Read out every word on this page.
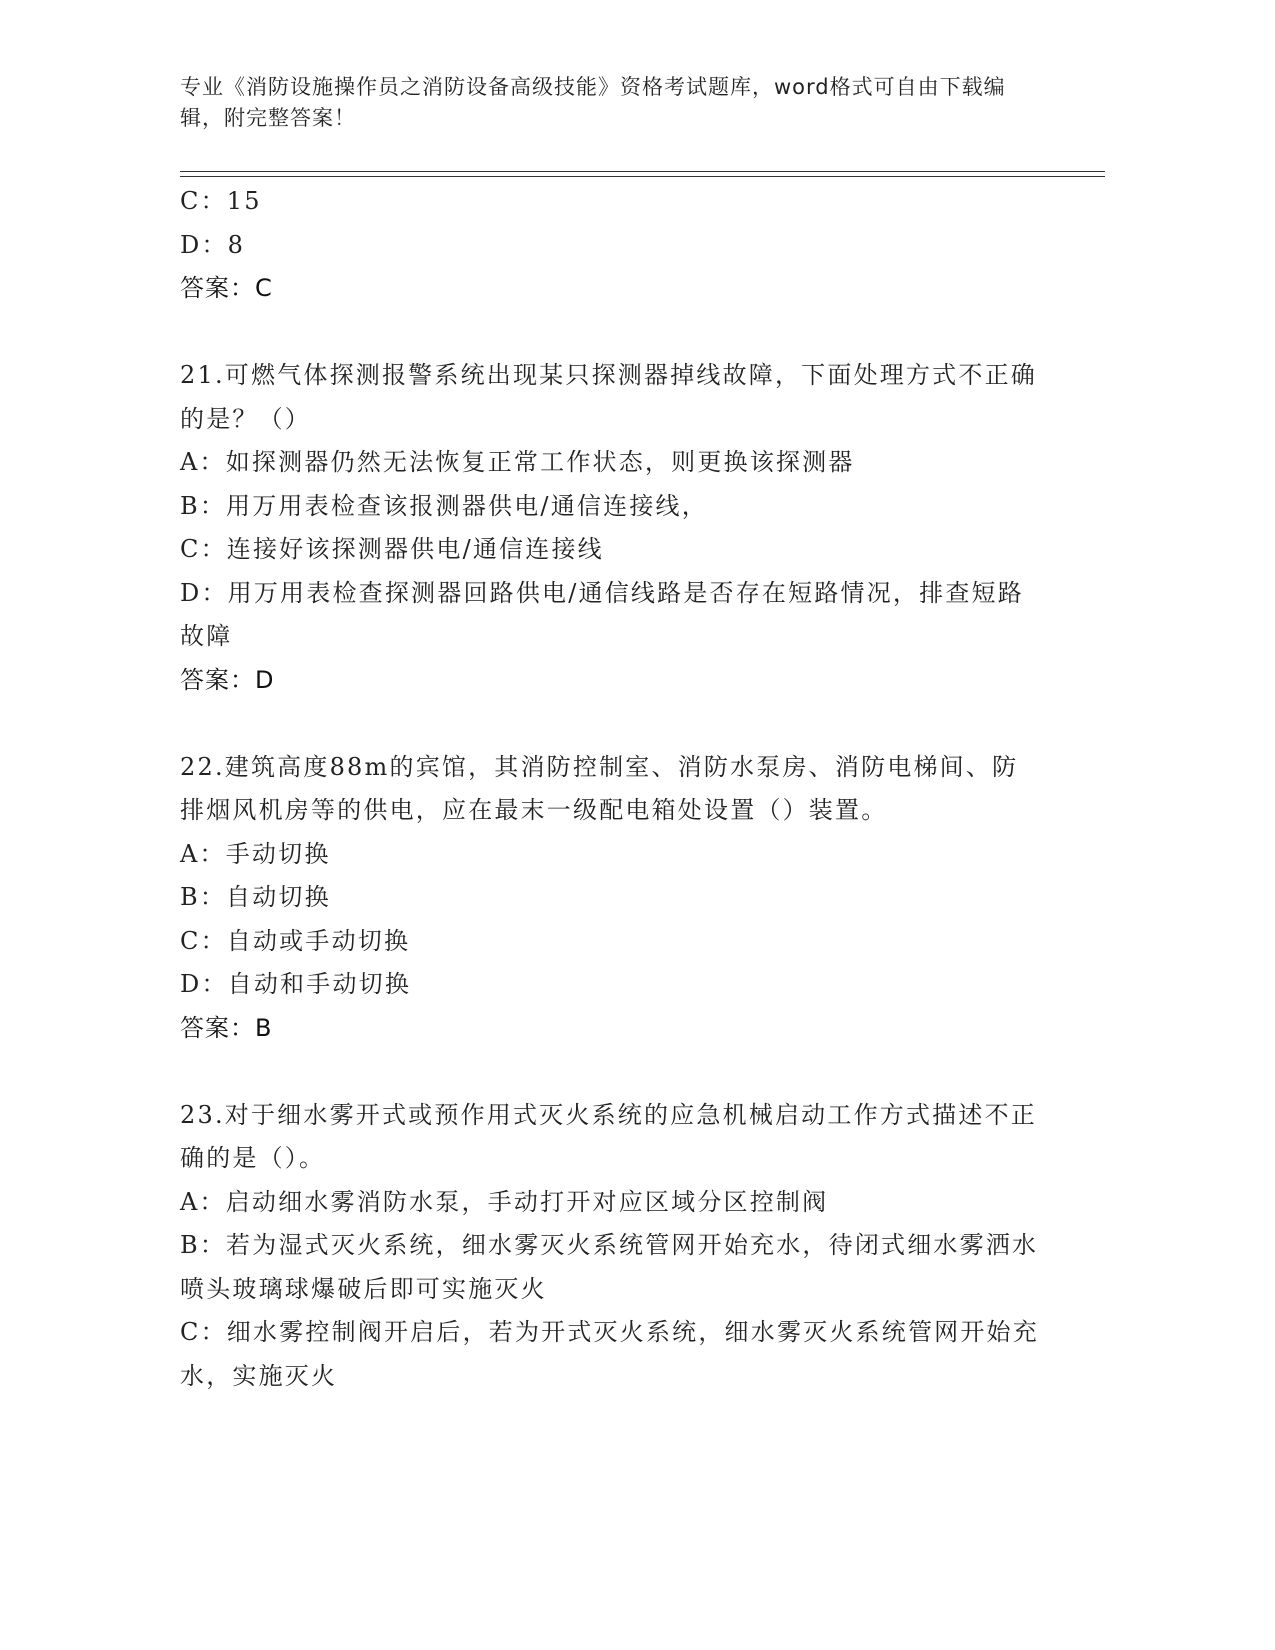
专业《消防设施操作员之消防设备高级技能》资格考试题库，word格式可自由下载编辑，附完整答案！
C：15
D：8
答案：C
21.可燃气体探测报警系统出现某只探测器掉线故障，下面处理方式不正确的是？（）
A：如探测器仍然无法恢复正常工作状态，则更换该探测器
B：用万用表检查该报测器供电/通信连接线，
C：连接好该探测器供电/通信连接线
D：用万用表检查探测器回路供电/通信线路是否存在短路情况，排查短路故障
答案：D
22.建筑高度88m的宾馆，其消防控制室、消防水泵房、消防电梯间、防排烟风机房等的供电，应在最末一级配电箱处设置（）装置。
A：手动切换
B：自动切换
C：自动或手动切换
D：自动和手动切换
答案：B
23.对于细水雾开式或预作用式灭火系统的应急机械启动工作方式描述不正确的是（）。
A：启动细水雾消防水泵，手动打开对应区域分区控制阀
B：若为湿式灭火系统，细水雾灭火系统管网开始充水，待闭式细水雾洒水喷头玻璃球爆破后即可实施灭火
C：细水雾控制阀开启后，若为开式灭火系统，细水雾灭火系统管网开始充水，实施灭火
